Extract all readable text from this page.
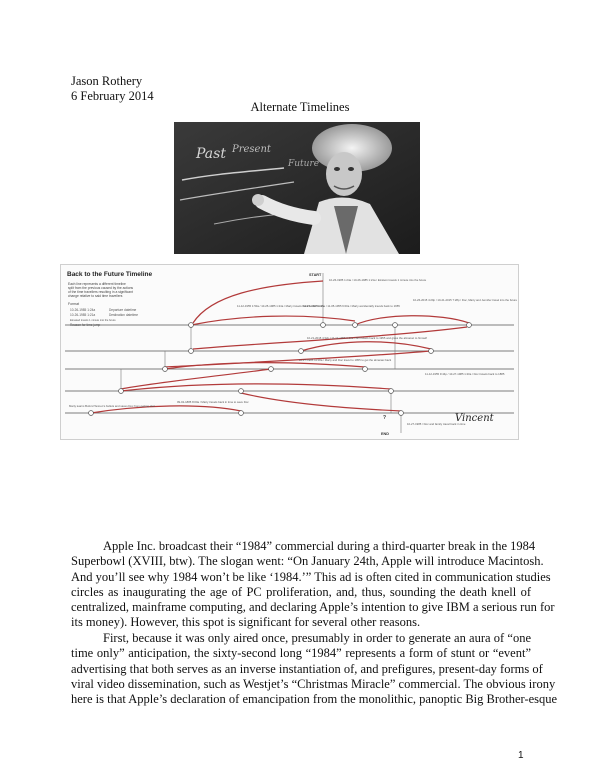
Jason Rothery
6 February 2014
Alternate Timelines
Past Present
Future
Back to the Future Timeline
Each line represents a different timeline
split from the previous caused by the actions
of the time travellers resulting in a significant
change relative to said time travellers
Format
10-26-1985 1:24a	Departure datetime
10-26-1985 1:21a	Destination datetime
Elevated travels 1 minute into the future
Reason for time jump
START
END
?
10-26-1985 1:24a / 10-26-1985 1:21a / Einstein travels 1 minute into the future
11-12-1955 1:50a / 10-25-1985 1:24a / Marty travels back to the future
10-26-1985 1:35a / 11-05-1955 6:00a / Marty accidentally travels back to 1955
10-26-2015 4:29p / 10-21-2015 7:28p / Doc, Marty and Jennifer travel into the future
10-21-2015 4:32p / 11-12-1955 6:00a / Biff travels back to 1955 and gives the almanac to himself
11-12-1955 9:44p / 10-27-1985 1:20a / Doc travels back to 1885
10-27-1985 11:00a / Marty and Doc travel to 1955 to get the almanac back
09-02-1885 8:00a / Marty travels back in time to save Doc
10-27-1985 / Doc and family travel back in time
Marty learns Buford Tannen's bullets and saves Doc from getting shot
Vincent
Apple Inc. broadcast their “1984” commercial during a third-quarter break in the 1984
Superbowl (XVIII, btw). The slogan went: “On January 24th, Apple will introduce Macintosh.
And you’ll see why 1984 won’t be like ‘1984.’” This ad is often cited in communication studies
circles as inaugurating the age of PC proliferation, and, thus, sounding the death knell of
centralized, mainframe computing, and declaring Apple’s intention to give IBM a serious run for
its money). However, this spot is significant for several other reasons.
First, because it was only aired once, presumably in order to generate an aura of “one
time only” anticipation, the sixty-second long “1984” represents a form of stunt or “event”
advertising that both serves as an inverse instantiation of, and prefigures, present-day forms of
viral video dissemination, such as Westjet’s “Christmas Miracle” commercial. The obvious irony
here is that Apple’s declaration of emancipation from the monolithic, panoptic Big Brother-esque
1
